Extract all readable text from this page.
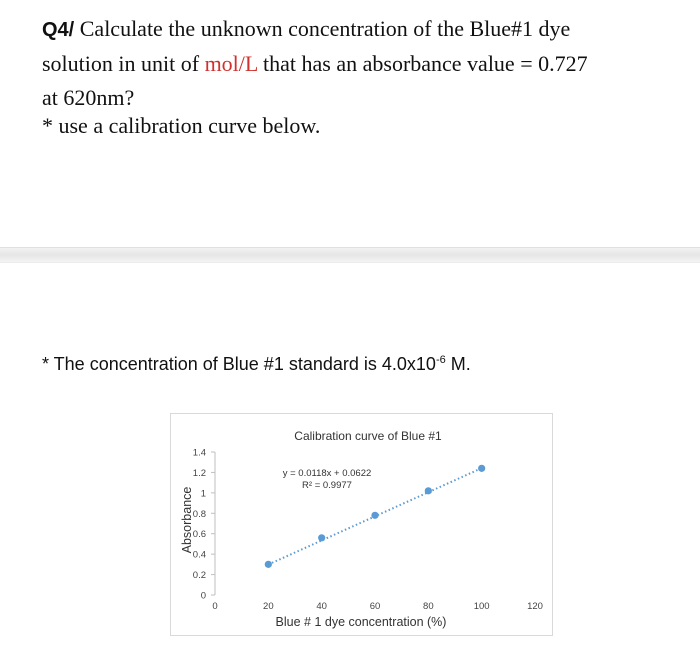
Q4/ Calculate the unknown concentration of the Blue#1 dye
solution in unit of mol/L that has an absorbance value = 0.727
at 620nm?
* use a calibration curve below.
* The concentration of Blue #1 standard is $4.0x10^{-6}$ M.
Calibration curve of Blue #1
0
0.2
0.4
0.6
0.8
1
1.2
1.4
0	20	40	60	80	100	120
y = 0.0118x + 0.0622
R² = 0.9977
Blue # 1 dye concentration (%)
Absorbance
